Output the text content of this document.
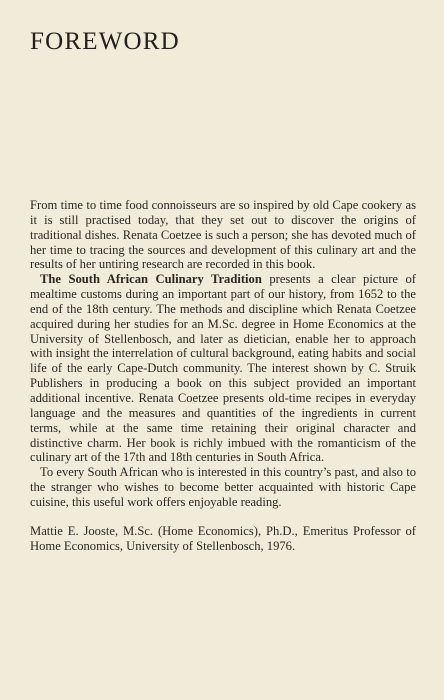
FOREWORD

From time to time food connoisseurs are so inspired by old Cape cookery as it is still practised today, that they set out to discover the origins of traditional dishes. Renata Coetzee is such a person; she has devoted much of her time to tracing the sources and development of this culinary art and the results of her untiring research are recorded in this book.

The South African Culinary Tradition presents a clear picture of mealtime customs during an important part of our history, from 1652 to the end of the 18th century. The methods and discipline which Renata Coetzee acquired during her studies for an M.Sc. degree in Home Economics at the University of Stellenbosch, and later as dietician, enable her to approach with insight the interrelation of cultural background, eating habits and social life of the early Cape-Dutch community. The interest shown by C. Struik Publishers in producing a book on this subject provided an important additional incentive. Renata Coetzee presents old-time recipes in everyday language and the measures and quantities of the ingredients in current terms, while at the same time retaining their original character and distinctive charm. Her book is richly imbued with the romanticism of the culinary art of the 17th and 18th centuries in South Africa.

To every South African who is interested in this country’s past, and also to the stranger who wishes to become better acquainted with historic Cape cuisine, this useful work offers enjoyable reading.

Mattie E. Jooste, M.Sc. (Home Economics), Ph.D., Emeritus Professor of Home Economics, University of Stellenbosch, 1976.
